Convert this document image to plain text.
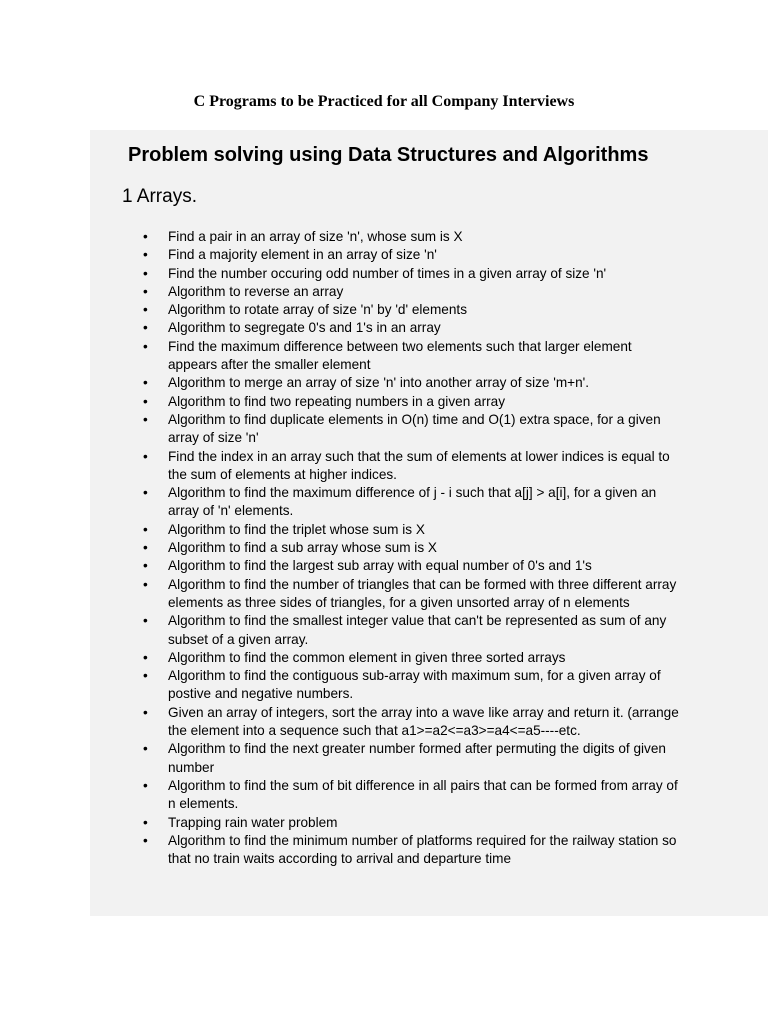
C Programs to be Practiced for all Company Interviews
Problem solving using Data Structures and Algorithms
1 Arrays.
• Find a pair in an array of size 'n', whose sum is X
• Find a majority element in an array of size 'n'
• Find the number occuring odd number of times in a given array of size 'n'
• Algorithm to reverse an array
• Algorithm to rotate array of size 'n' by 'd' elements
• Algorithm to segregate 0's and 1's in an array
• Find the maximum difference between two elements such that larger element appears after the smaller element
• Algorithm to merge an array of size 'n' into another array of size 'm+n'.
• Algorithm to find two repeating numbers in a given array
• Algorithm to find duplicate elements in O(n) time and O(1) extra space, for a given array of size 'n'
• Find the index in an array such that the sum of elements at lower indices is equal to the sum of elements at higher indices.
• Algorithm to find the maximum difference of j - i such that a[j] > a[i], for a given an array of 'n' elements.
• Algorithm to find the triplet whose sum is X
• Algorithm to find a sub array whose sum is X
• Algorithm to find the largest sub array with equal number of 0's and 1's
• Algorithm to find the number of triangles that can be formed with three different array elements as three sides of triangles, for a given unsorted array of n elements
• Algorithm to find the smallest integer value that can't be represented as sum of any subset of a given array.
• Algorithm to find the common element in given three sorted arrays
• Algorithm to find the contiguous sub-array with maximum sum, for a given array of postive and negative numbers.
• Given an array of integers, sort the array into a wave like array and return it. (arrange the element into a sequence such that a1>=a2<=a3>=a4<=a5----etc.
• Algorithm to find the next greater number formed after permuting the digits of given number
• Algorithm to find the sum of bit difference in all pairs that can be formed from array of n elements.
• Trapping rain water problem
• Algorithm to find the minimum number of platforms required for the railway station so that no train waits according to arrival and departure time
